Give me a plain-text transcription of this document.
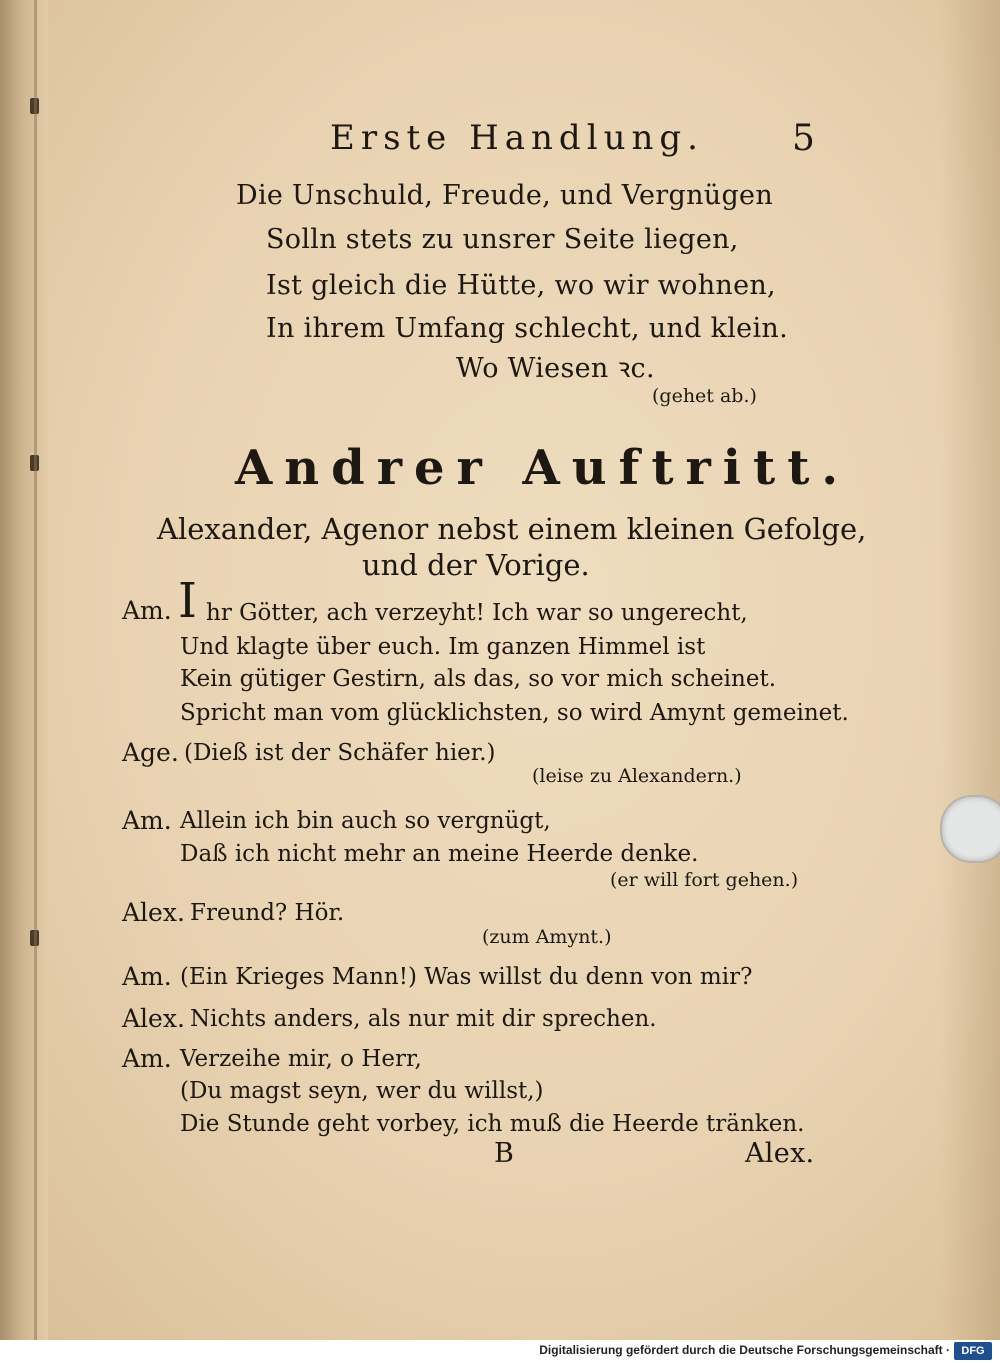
Erste Handlung. 5
Die Unschuld, Freude, und Vergnügen
Solln stets zu unsrer Seite liegen,
Ist gleich die Hütte, wo wir wohnen,
In ihrem Umfang schlecht, und klein.
Wo Wiesen ꝛc.
(gehet ab.)
Andrer Auftritt.
Alexander, Agenor nebst einem kleinen Gefolge,
und der Vorige.
Am. I hr Götter, ach verzeyht! Ich war so ungerecht,
Und klagte über euch. Im ganzen Himmel ist
Kein gütiger Gestirn, als das, so vor mich scheinet.
Spricht man vom glücklichsten, so wird Amynt gemeinet.
Age. (Dieß ist der Schäfer hier.)
(leise zu Alexandern.)
Am. Allein ich bin auch so vergnügt,
Daß ich nicht mehr an meine Heerde denke.
(er will fort gehen.)
Alex. Freund? Hör.
(zum Amynt.)
Am. (Ein Krieges Mann!) Was willst du denn von mir?
Alex. Nichts anders, als nur mit dir sprechen.
Am. Verzeihe mir, o Herr,
(Du magst seyn, wer du willst,)
Die Stunde geht vorbey, ich muß die Heerde tränken.
B	Alex.
Digitalisierung gefördert durch die Deutsche Forschungsgemeinschaft ·	DFG
